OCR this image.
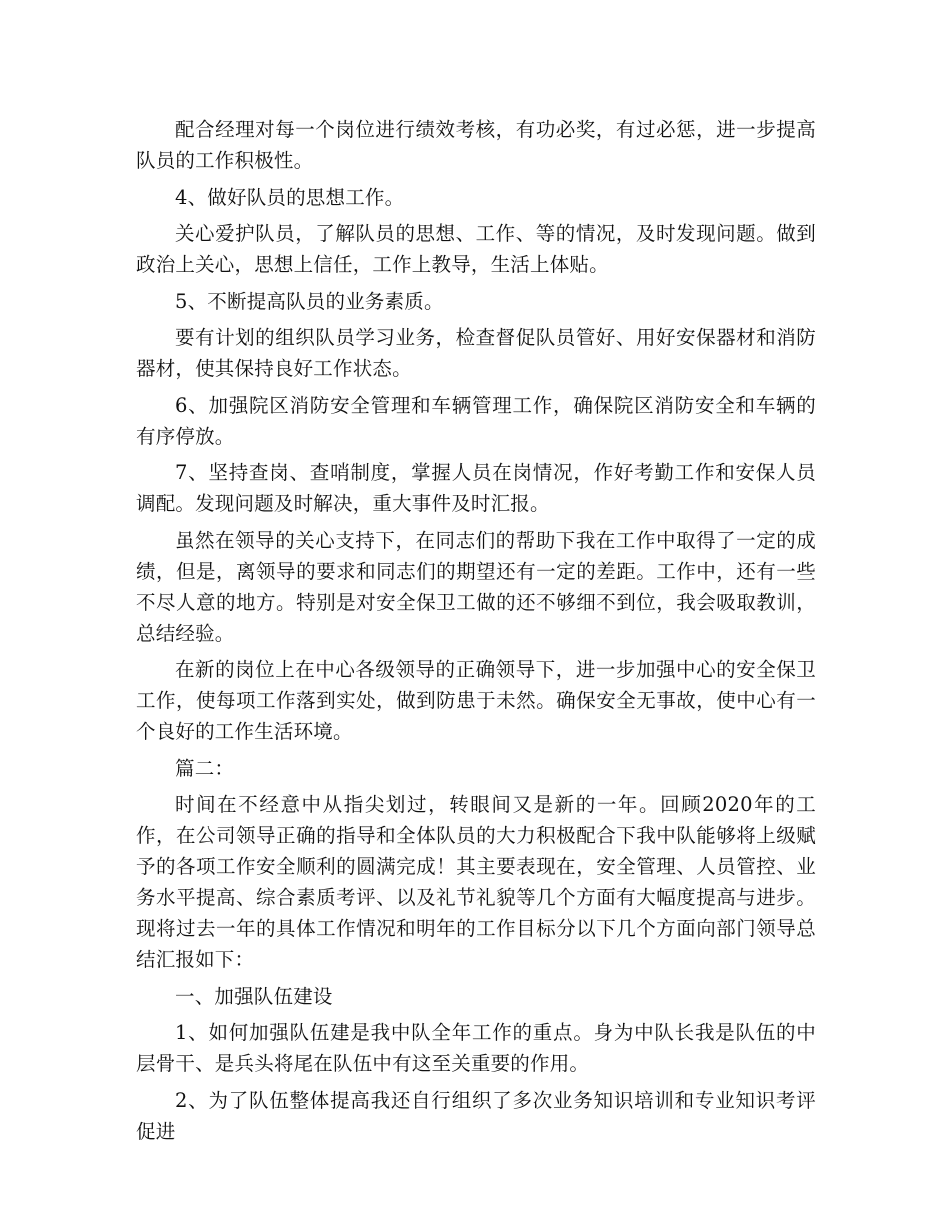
配合经理对每一个岗位进行绩效考核，有功必奖，有过必惩，进一步提高队员的工作积极性。

4、做好队员的思想工作。

关心爱护队员，了解队员的思想、工作、等的情况，及时发现问题。做到政治上关心，思想上信任，工作上教导，生活上体贴。

5、不断提高队员的业务素质。

要有计划的组织队员学习业务，检查督促队员管好、用好安保器材和消防器材，使其保持良好工作状态。

6、加强院区消防安全管理和车辆管理工作，确保院区消防安全和车辆的有序停放。

7、坚持查岗、查哨制度，掌握人员在岗情况，作好考勤工作和安保人员调配。发现问题及时解决，重大事件及时汇报。

虽然在领导的关心支持下，在同志们的帮助下我在工作中取得了一定的成绩，但是，离领导的要求和同志们的期望还有一定的差距。工作中，还有一些不尽人意的地方。特别是对安全保卫工做的还不够细不到位，我会吸取教训，总结经验。

在新的岗位上在中心各级领导的正确领导下，进一步加强中心的安全保卫工作，使每项工作落到实处，做到防患于未然。确保安全无事故，使中心有一个良好的工作生活环境。

篇二：

时间在不经意中从指尖划过，转眼间又是新的一年。回顾2020年的工作，在公司领导正确的指导和全体队员的大力积极配合下我中队能够将上级赋予的各项工作安全顺利的圆满完成！其主要表现在，安全管理、人员管控、业务水平提高、综合素质考评、以及礼节礼貌等几个方面有大幅度提高与进步。现将过去一年的具体工作情况和明年的工作目标分以下几个方面向部门领导总结汇报如下：

一、加强队伍建设

1、如何加强队伍建是我中队全年工作的重点。身为中队长我是队伍的中层骨干、是兵头将尾在队伍中有这至关重要的作用。

2、为了队伍整体提高我还自行组织了多次业务知识培训和专业知识考评促进
